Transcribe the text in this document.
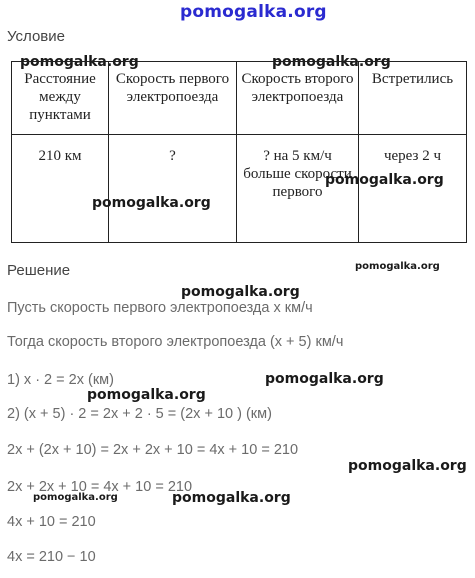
pomogalka.org
Условие
pomogalka.org	pomogalka.org
Расстояние между пунктами	Скорость первого электропоезда	Скорость второго электропоезда	Встретились
210 км	?	? на 5 км/ч больше скорости первого	через 2 ч
pomogalka.org
pomogalka.org
Решение	pomogalka.org
pomogalka.org
Пусть скорость первого электропоезда x км/ч
Тогда скорость второго электропоезда (x + 5) км/ч
pomogalka.org
1) x · 2 = 2x (км)
pomogalka.org
2) (x + 5) · 2 = 2x + 2 · 5 = (2x + 10 ) (км)
2x + (2x + 10) = 2x + 2x + 10 = 4x + 10 = 210
pomogalka.org
2x + 2x + 10 = 4x + 10 = 210
pomogalka.org	pomogalka.org
4x + 10 = 210
4x = 210 − 10
